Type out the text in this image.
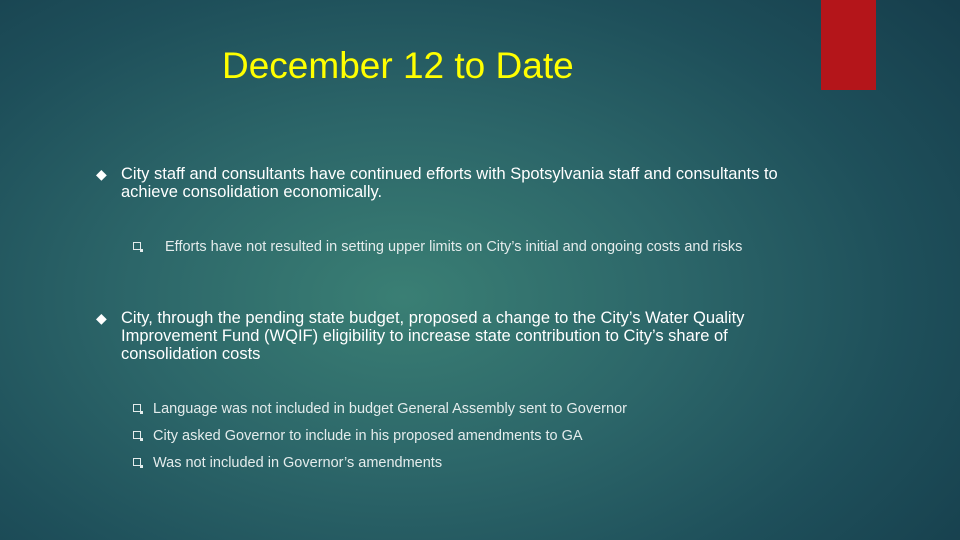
December 12 to Date
◆ City staff and consultants have continued efforts with Spotsylvania staff and consultants to achieve consolidation economically.
Efforts have not resulted in setting upper limits on City’s initial and ongoing costs and risks
◆ City, through the pending state budget, proposed a change to the City’s Water Quality Improvement Fund (WQIF) eligibility to increase state contribution to City’s share of consolidation costs
Language was not included in budget General Assembly sent to Governor
City asked Governor to include in his proposed amendments to GA
Was not included in Governor’s amendments
